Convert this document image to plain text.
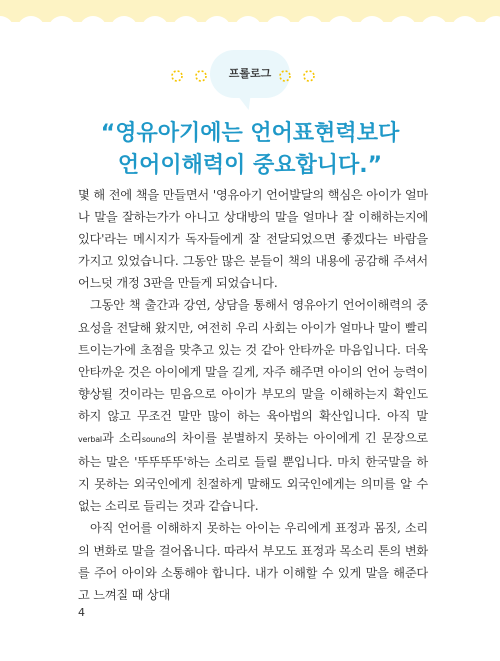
프롤로그
“영유아기에는 언어표현력보다
언어이해력이 중요합니다.”

몇 해 전에 책을 만들면서 '영유아기 언어발달의 핵심은 아이가 얼마나 말을 잘하는가가 아니고 상대방의 말을 얼마나 잘 이해하는지에 있다'라는 메시지가 독자들에게 잘 전달되었으면 좋겠다는 바람을 가지고 있었습니다. 그동안 많은 분들이 책의 내용에 공감해 주셔서 어느덧 개정 3판을 만들게 되었습니다.

그동안 책 출간과 강연, 상담을 통해서 영유아기 언어이해력의 중요성을 전달해 왔지만, 여전히 우리 사회는 아이가 얼마나 말이 빨리 트이는가에 초점을 맞추고 있는 것 같아 안타까운 마음입니다. 더욱 안타까운 것은 아이에게 말을 길게, 자주 해주면 아이의 언어 능력이 향상될 것이라는 믿음으로 아이가 부모의 말을 이해하는지 확인도 하지 않고 무조건 말만 많이 하는 육아법의 확산입니다. 아직 말verbal과 소리sound의 차이를 분별하지 못하는 아이에게 긴 문장으로 하는 말은 '뚜뚜뚜뚜'하는 소리로 들릴 뿐입니다. 마치 한국말을 하지 못하는 외국인에게 친절하게 말해도 외국인에게는 의미를 알 수 없는 소리로 들리는 것과 같습니다.

아직 언어를 이해하지 못하는 아이는 우리에게 표정과 몸짓, 소리의 변화로 말을 걸어옵니다. 따라서 부모도 표정과 목소리 톤의 변화를 주어 아이와 소통해야 합니다. 내가 이해할 수 있게 말을 해준다고 느껴질 때 상대

4
